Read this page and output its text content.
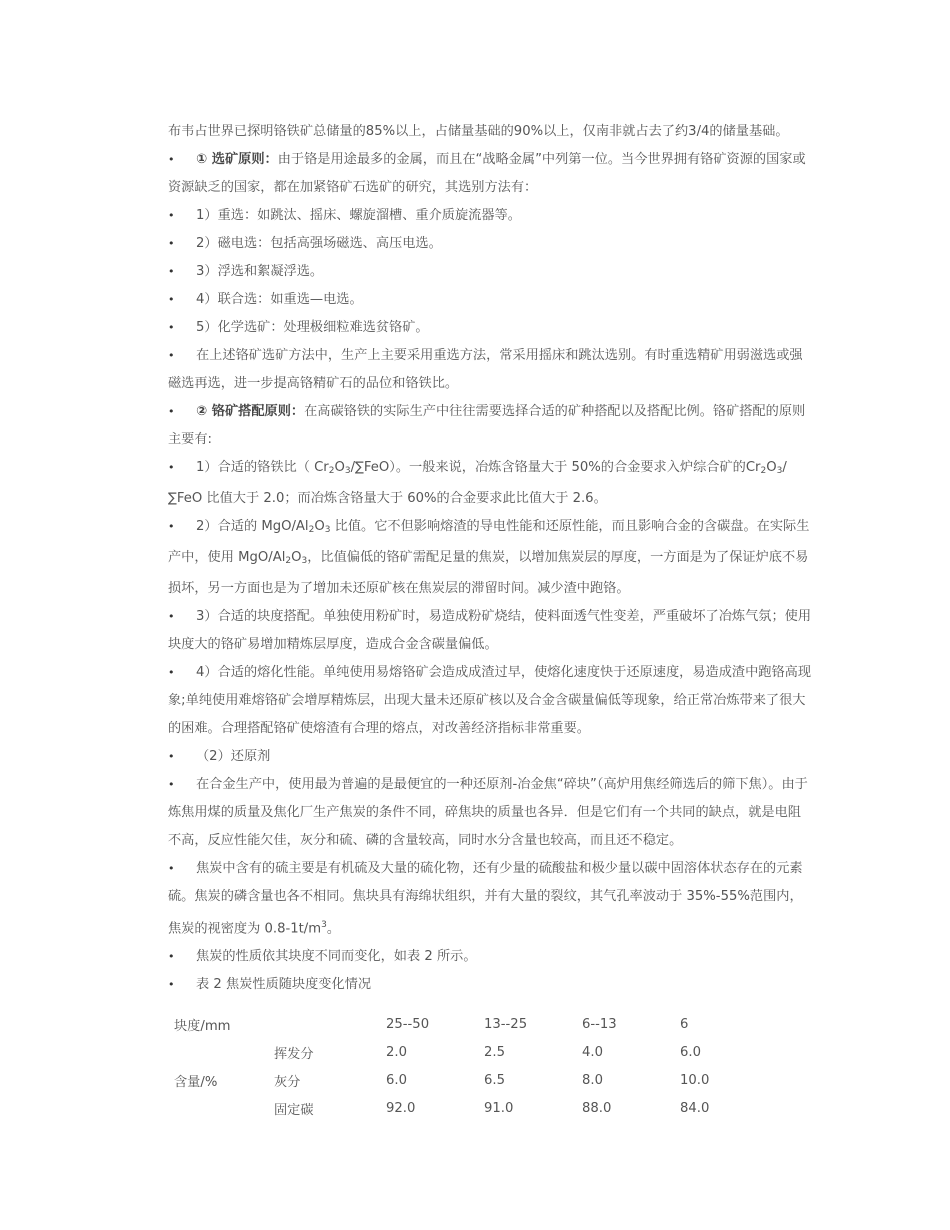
布韦占世界已探明铬铁矿总储量的85%以上，占储量基础的90%以上，仅南非就占去了约3/4的储量基础。

• ① 选矿原则：由于铬是用途最多的金属，而且在“战略金属”中列第一位。当今世界拥有铬矿资源的国家或资源缺乏的国家，都在加紧铬矿石选矿的研究，其选别方法有：

• 1）重选：如跳汰、摇床、螺旋溜槽、重介质旋流器等。

• 2）磁电选：包括高强场磁选、高压电选。

• 3）浮选和絮凝浮选。

• 4）联合选：如重选—电选。

• 5）化学选矿：处理极细粒难选贫铬矿。

• 在上述铬矿选矿方法中，生产上主要采用重选方法，常采用摇床和跳汰选别。有时重选精矿用弱滋选或强磁选再选，进一步提高铬精矿石的品位和铬铁比。

• ② 铬矿搭配原则：在高碳铬铁的实际生产中往往需要选择合适的矿种搭配以及搭配比例。铬矿搭配的原则主要有:

• 1）合适的铬铁比（ $Cr_2O_3/\sum FeO$）。一般来说，冶炼含铬量大于 50%的合金要求入炉综合矿的$Cr_2O_3/\sum FeO$ 比值大于 2.0；而冶炼含铬量大于 60%的合金要求此比值大于 2.6。

• 2）合适的 MgO/$Al_2O_3$ 比值。它不但影响熔渣的导电性能和还原性能，而且影响合金的含碳盘。在实际生产中，使用 MgO/$Al_2O_3$，比值偏低的铬矿需配足量的焦炭，以增加焦炭层的厚度，一方面是为了保证炉底不易损坏，另一方面也是为了增加未还原矿核在焦炭层的滞留时间。减少渣中跑铬。

• 3）合适的块度搭配。单独使用粉矿时，易造成粉矿烧结，使料面透气性变差，严重破坏了冶炼气氛；使用块度大的铬矿易增加精炼层厚度，造成合金含碳量偏低。

• 4）合适的熔化性能。单纯使用易熔铬矿会造成成渣过早，使熔化速度快于还原速度，易造成渣中跑铬高现象;单纯使用难熔铬矿会增厚精炼层，出现大量未还原矿核以及合金含碳量偏低等现象，给正常冶炼带来了很大的困难。合理搭配铬矿使熔渣有合理的熔点，对改善经济指标非常重要。

• （2）还原剂

• 在合金生产中，使用最为普遍的是最便宜的一种还原剂-冶金焦“碎块”（高炉用焦经筛选后的筛下焦）。由于炼焦用煤的质量及焦化厂生产焦炭的条件不同，碎焦块的质量也各异．但是它们有一个共同的缺点，就是电阻不高，反应性能欠佳，灰分和硫、磷的含量较高，同时水分含量也较高，而且还不稳定。

• 焦炭中含有的硫主要是有机硫及大量的硫化物，还有少量的硫酸盐和极少量以碳中固溶体状态存在的元素硫。焦炭的磷含量也各不相同。焦块具有海绵状组织，并有大量的裂纹，其气孔率波动于 35%-55%范围内，焦炭的视密度为 $0.8-1t/m^3$。

• 焦炭的性质依其块度不同而变化，如表 2 所示。

• 表 2 焦炭性质随块度变化情况

块度/mm		25--50	13--25	6--13	6
含量/%	挥发分	2.0	2.5	4.0	6.0
	灰分	6.0	6.5	8.0	10.0
	固定碳	92.0	91.0	88.0	84.0
